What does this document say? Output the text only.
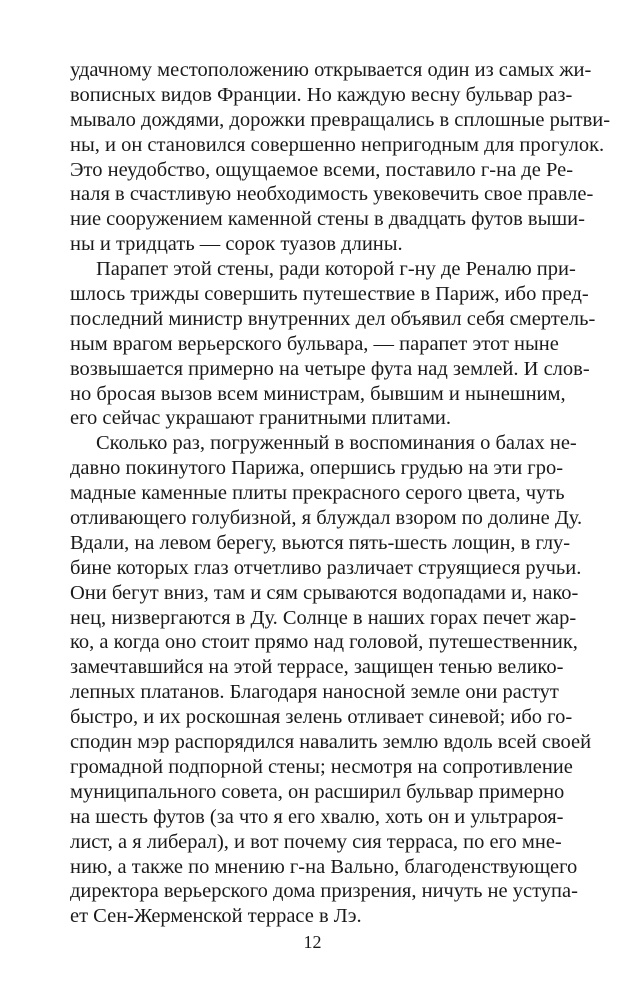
удачному местоположению открывается один из самых жи-
вописных видов Франции. Но каждую весну бульвар раз-
мывало дождями, дорожки превращались в сплошные рытви-
ны, и он становился совершенно непригодным для прогулок.
Это неудобство, ощущаемое всеми, поставило г-на де Ре-
наля в счастливую необходимость увековечить свое правле-
ние сооружением каменной стены в двадцать футов выши-
ны и тридцать — сорок туазов длины.
Парапет этой стены, ради которой г-ну де Реналю при-
шлось трижды совершить путешествие в Париж, ибо пред-
последний министр внутренних дел объявил себя смертель-
ным врагом верьерского бульвара, — парапет этот ныне
возвышается примерно на четыре фута над землей. И слов-
но бросая вызов всем министрам, бывшим и нынешним,
его сейчас украшают гранитными плитами.
Сколько раз, погруженный в воспоминания о балах не-
давно покинутого Парижа, опершись грудью на эти гро-
мадные каменные плиты прекрасного серого цвета, чуть
отливающего голубизной, я блуждал взором по долине Ду.
Вдали, на левом берегу, вьются пять-шесть лощин, в глу-
бине которых глаз отчетливо различает струящиеся ручьи.
Они бегут вниз, там и сям срываются водопадами и, нако-
нец, низвергаются в Ду. Солнце в наших горах печет жар-
ко, а когда оно стоит прямо над головой, путешественник,
замечтавшийся на этой террасе, защищен тенью велико-
лепных платанов. Благодаря наносной земле они растут
быстро, и их роскошная зелень отливает синевой; ибо го-
сподин мэр распорядился навалить землю вдоль всей своей
громадной подпорной стены; несмотря на сопротивление
муниципального совета, он расширил бульвар примерно
на шесть футов (за что я его хвалю, хоть он и ультрароя-
лист, а я либерал), и вот почему сия терраса, по его мне-
нию, а также по мнению г-на Вально, благоденствующего
директора верьерского дома призрения, ничуть не уступа-
ет Сен-Жерменской террасе в Лэ.
12
